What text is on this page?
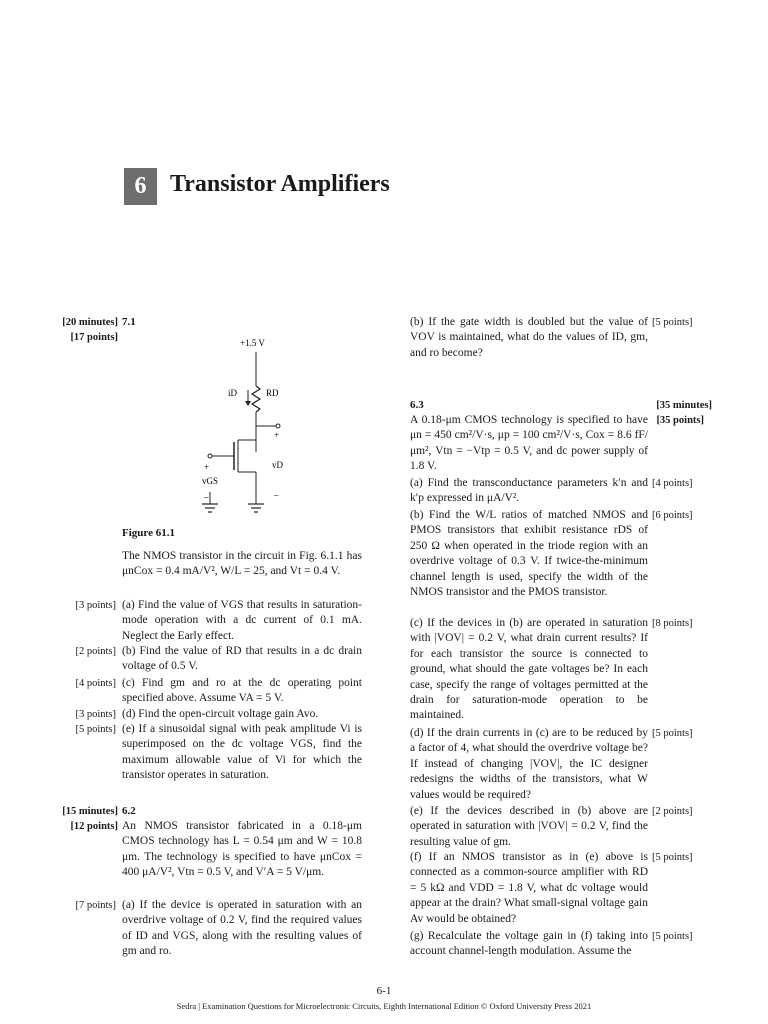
6 Transistor Amplifiers
[20 minutes]
[17 points]
7.1
+1.5 V
RD
iD
+
vD
–
+
vGS
–
Figure 61.1
The NMOS transistor in the circuit in Fig. 6.1.1 has μnCox = 0.4 mA/V², W/L = 25, and Vt = 0.4 V.
[3 points] (a) Find the value of VGS that results in saturation-mode operation with a dc current of 0.1 mA. Neglect the Early effect.
[2 points] (b) Find the value of RD that results in a dc drain voltage of 0.5 V.
[4 points] (c) Find gm and ro at the dc operating point specified above. Assume VA = 5 V.
[3 points] (d) Find the open-circuit voltage gain Avo.
[5 points] (e) If a sinusoidal signal with peak amplitude Vi is superimposed on the dc voltage VGS, find the maximum allowable value of Vi for which the transistor operates in saturation.
[15 minutes]
[12 points]
6.2
An NMOS transistor fabricated in a 0.18-μm CMOS technology has L = 0.54 μm and W = 10.8 μm. The technology is specified to have μnCox = 400 μA/V², Vtn = 0.5 V, and V′A = 5 V/μm.
[7 points] (a) If the device is operated in saturation with an overdrive voltage of 0.2 V, find the required values of ID and VGS, along with the resulting values of gm and ro.
(b) If the gate width is doubled but the value of VOV is maintained, what do the values of ID, gm, and ro become?
[5 points]
6.3	[35 minutes]
[35 points]
A 0.18-μm CMOS technology is specified to have μn = 450 cm²/V·s, μp = 100 cm²/V·s, Cox = 8.6 fF/μm², Vtn = −Vtp = 0.5 V, and dc power supply of 1.8 V.
(a) Find the transconductance parameters k′n and k′p expressed in μA/V².
[4 points]
(b) Find the W/L ratios of matched NMOS and PMOS transistors that exhibit resistance rDS of 250 Ω when operated in the triode region with an overdrive voltage of 0.3 V. If twice-the-minimum channel length is used, specify the width of the NMOS transistor and the PMOS transistor.
[6 points]
(c) If the devices in (b) are operated in saturation with |VOV| = 0.2 V, what drain current results? If for each transistor the source is connected to ground, what should the gate voltages be? In each case, specify the range of voltages permitted at the drain for saturation-mode operation to be maintained.
[8 points]
(d) If the drain currents in (c) are to be reduced by a factor of 4, what should the overdrive voltage be? If instead of changing |VOV|, the IC designer redesigns the widths of the transistors, what W values would be required?
[5 points]
(e) If the devices described in (b) above are operated in saturation with |VOV| = 0.2 V, find the resulting value of gm.
[2 points]
(f) If an NMOS transistor as in (e) above is connected as a common-source amplifier with RD = 5 kΩ and VDD = 1.8 V, what dc voltage would appear at the drain? What small-signal voltage gain Av would be obtained?
[5 points]
(g) Recalculate the voltage gain in (f) taking into account channel-length modulation. Assume the
[5 points]
6-1
Sedra | Examination Questions for Microelectronic Circuits, Eighth International Edition © Oxford University Press 2021
